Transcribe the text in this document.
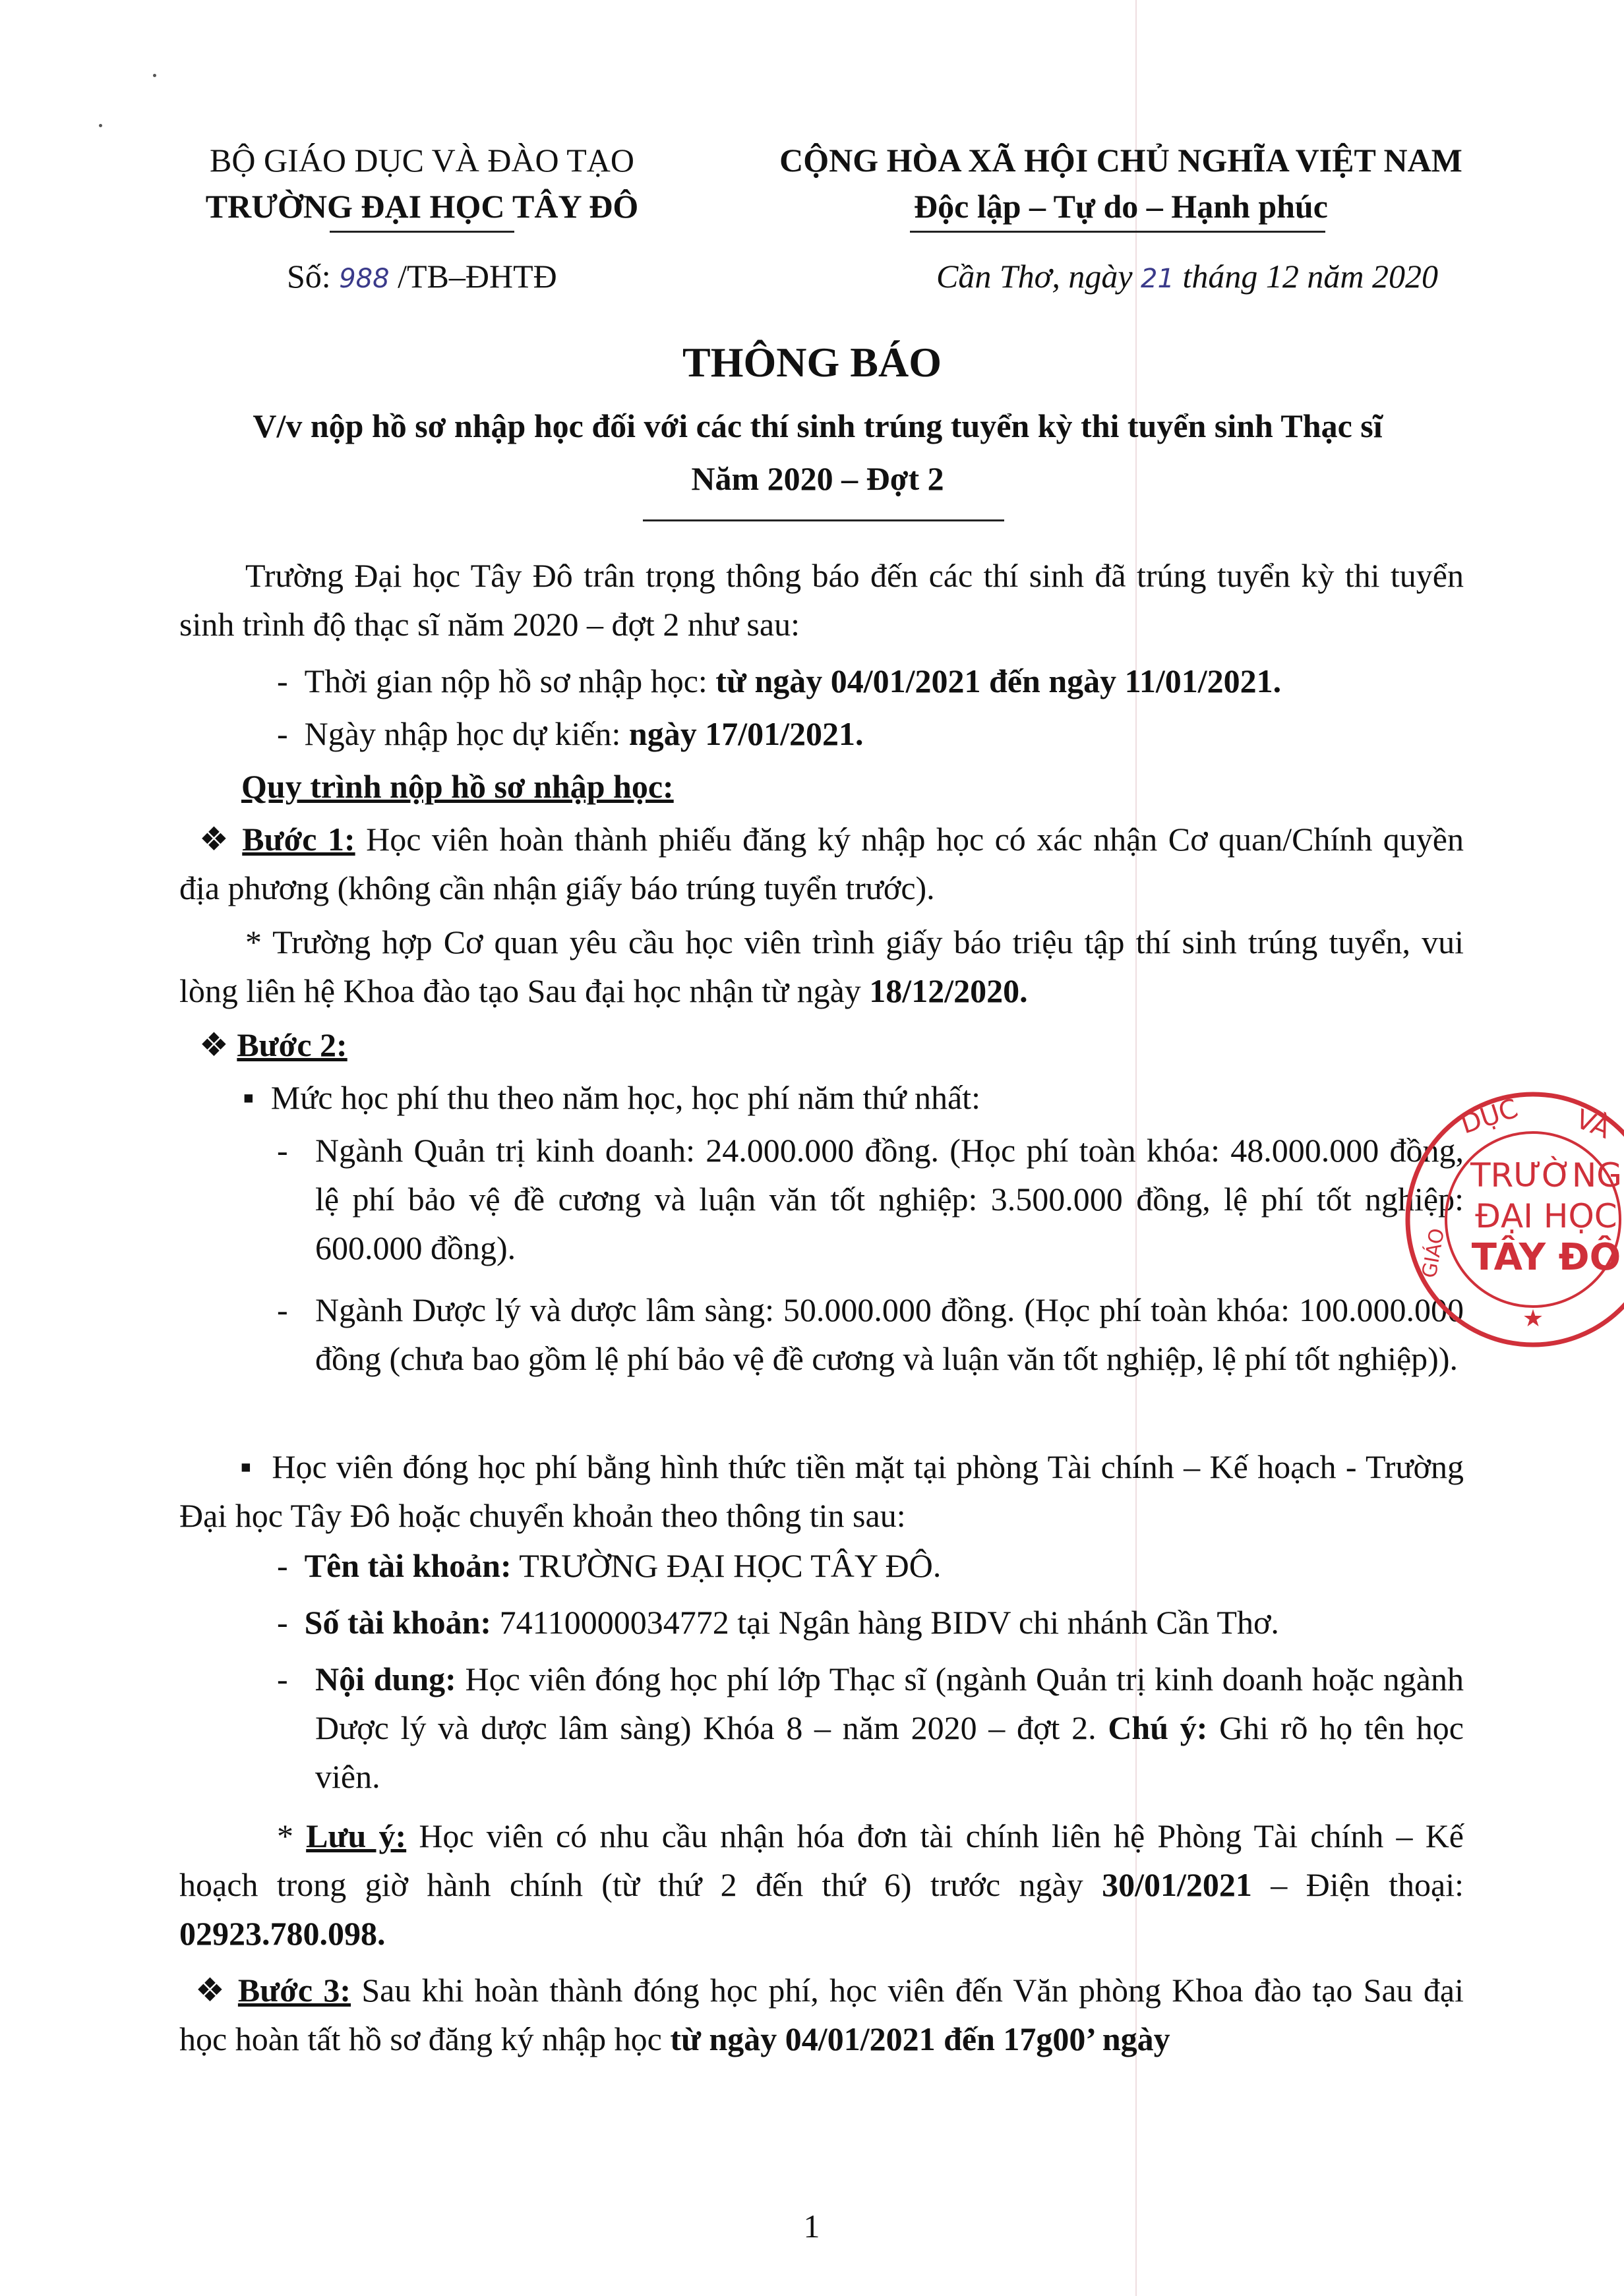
BỘ GIÁO DỤC VÀ ĐÀO TẠO
TRƯỜNG ĐẠI HỌC TÂY ĐÔ
Số: 988 /TB–ĐHTĐ
CỘNG HÒA XÃ HỘI CHỦ NGHĨA VIỆT NAM
Độc lập – Tự do – Hạnh phúc
Cần Thơ, ngày 21 tháng 12 năm 2020
THÔNG BÁO
V/v nộp hồ sơ nhập học đối với các thí sinh trúng tuyển kỳ thi tuyển sinh Thạc sĩ
Năm 2020 – Đợt 2
Trường Đại học Tây Đô trân trọng thông báo đến các thí sinh đã trúng tuyển kỳ thi tuyển sinh trình độ thạc sĩ năm 2020 – đợt 2 như sau:
-  Thời gian nộp hồ sơ nhập học: từ ngày 04/01/2021 đến ngày 11/01/2021.
-  Ngày nhập học dự kiến: ngày 17/01/2021.
Quy trình nộp hồ sơ nhập học:
❖ Bước 1: Học viên hoàn thành phiếu đăng ký nhập học có xác nhận Cơ quan/Chính quyền địa phương (không cần nhận giấy báo trúng tuyển trước).
* Trường hợp Cơ quan yêu cầu học viên trình giấy báo triệu tập thí sinh trúng tuyển, vui lòng liên hệ Khoa đào tạo Sau đại học nhận từ ngày 18/12/2020.
❖ Bước 2:
▪  Mức học phí thu theo năm học, học phí năm thứ nhất:
- Ngành Quản trị kinh doanh: 24.000.000 đồng. (Học phí toàn khóa: 48.000.000 đồng, lệ phí bảo vệ đề cương và luận văn tốt nghiệp: 3.500.000 đồng, lệ phí tốt nghiệp: 600.000 đồng).
- Ngành Dược lý và dược lâm sàng: 50.000.000 đồng. (Học phí toàn khóa: 100.000.000 đồng (chưa bao gồm lệ phí bảo vệ đề cương và luận văn tốt nghiệp, lệ phí tốt nghiệp)).
▪  Học viên đóng học phí bằng hình thức tiền mặt tại phòng Tài chính – Kế hoạch - Trường Đại học Tây Đô hoặc chuyển khoản theo thông tin sau:
-  Tên tài khoản: TRƯỜNG ĐẠI HỌC TÂY ĐÔ.
-  Số tài khoản: 74110000034772 tại Ngân hàng BIDV chi nhánh Cần Thơ.
- Nội dung: Học viên đóng học phí lớp Thạc sĩ (ngành Quản trị kinh doanh hoặc ngành Dược lý và dược lâm sàng) Khóa 8 – năm 2020 – đợt 2. Chú ý: Ghi rõ họ tên học viên.
* Lưu ý: Học viên có nhu cầu nhận hóa đơn tài chính liên hệ Phòng Tài chính – Kế hoạch trong giờ hành chính (từ thứ 2 đến thứ 6) trước ngày 30/01/2021 – Điện thoại: 02923.780.098.
❖ Bước 3: Sau khi hoàn thành đóng học phí, học viên đến Văn phòng Khoa đào tạo Sau đại học hoàn tất hồ sơ đăng ký nhập học từ ngày 04/01/2021 đến 17g00’ ngày
1
DỤC VÀ
GIÁO
TRƯỜNG
ĐẠI HỌC
TÂY ĐÔ
★
